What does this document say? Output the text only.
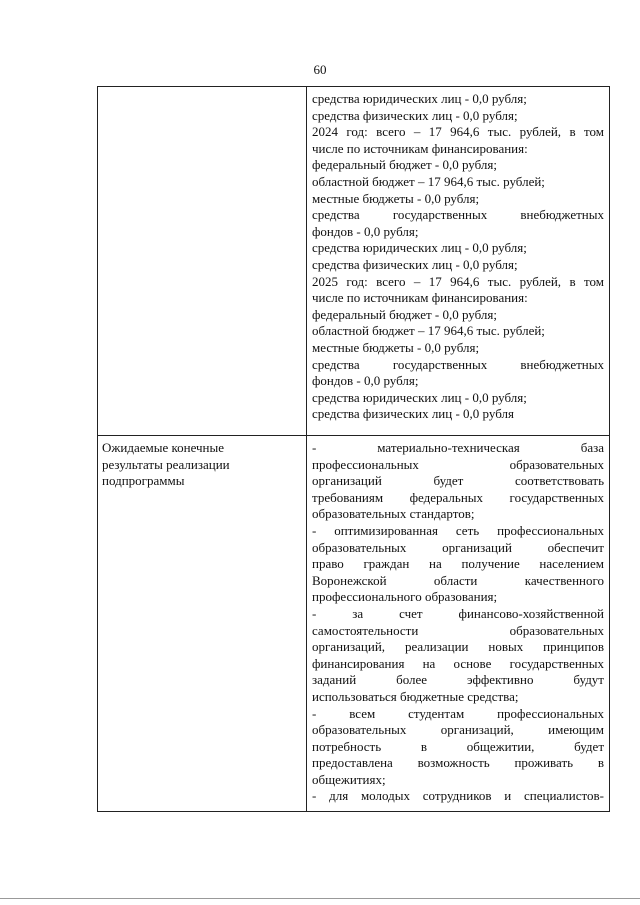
60
средства юридических лиц - 0,0 рубля;
средства физических лиц - 0,0 рубля;
2024 год: всего – 17 964,6 тыс. рублей, в том
числе по источникам финансирования:
федеральный бюджет - 0,0 рубля;
областной бюджет – 17 964,6 тыс. рублей;
местные бюджеты - 0,0 рубля;
средства государственных внебюджетных
фондов - 0,0 рубля;
средства юридических лиц - 0,0 рубля;
средства физических лиц - 0,0 рубля;
2025 год: всего – 17 964,6 тыс. рублей, в том
числе по источникам финансирования:
федеральный бюджет - 0,0 рубля;
областной бюджет – 17 964,6 тыс. рублей;
местные бюджеты - 0,0 рубля;
средства государственных внебюджетных
фондов - 0,0 рубля;
средства юридических лиц - 0,0 рубля;
средства физических лиц - 0,0 рубля
Ожидаемые конечные
результаты реализации
подпрограммы
- материально-техническая база
профессиональных образовательных
организаций будет соответствовать
требованиям федеральных государственных
образовательных стандартов;
- оптимизированная сеть профессиональных
образовательных организаций обеспечит
право граждан на получение населением
Воронежской области качественного
профессионального образования;
- за счет финансово-хозяйственной
самостоятельности образовательных
организаций, реализации новых принципов
финансирования на основе государственных
заданий более эффективно будут
использоваться бюджетные средства;
- всем студентам профессиональных
образовательных организаций, имеющим
потребность в общежитии, будет
предоставлена возможность проживать в
общежитиях;
- для молодых сотрудников и специалистов-
